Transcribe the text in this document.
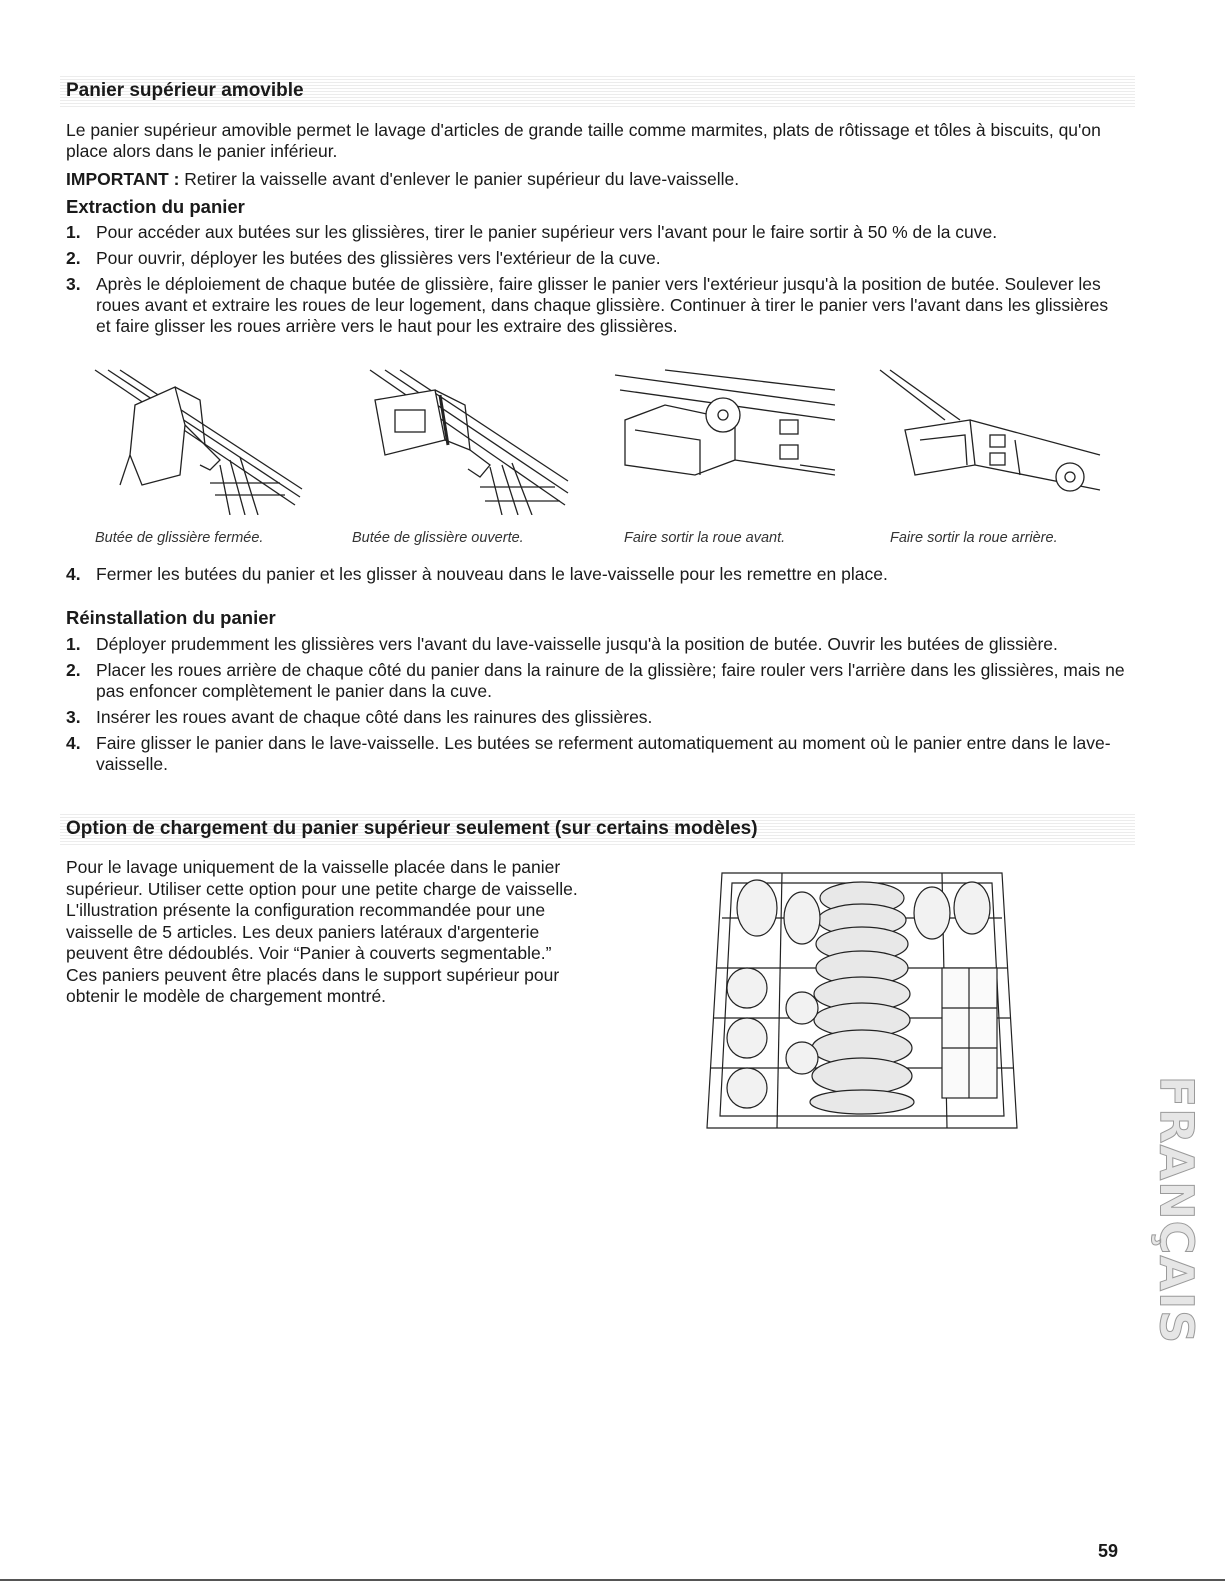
Panier supérieur amovible
Le panier supérieur amovible permet le lavage d'articles de grande taille comme marmites, plats de rôtissage et tôles à biscuits, qu'on place alors dans le panier inférieur.
IMPORTANT : Retirer la vaisselle avant d'enlever le panier supérieur du lave-vaisselle.
Extraction du panier
1. Pour accéder aux butées sur les glissières, tirer le panier supérieur vers l'avant pour le faire sortir à 50 % de la cuve.
2. Pour ouvrir, déployer les butées des glissières vers l'extérieur de la cuve.
3. Après le déploiement de chaque butée de glissière, faire glisser le panier vers l'extérieur jusqu'à la position de butée. Soulever les roues avant et extraire les roues de leur logement, dans chaque glissière. Continuer à tirer le panier vers l'avant dans les glissières et faire glisser les roues arrière vers le haut pour les extraire des glissières.
Butée de glissière fermée.	Butée de glissière ouverte.	Faire sortir la roue avant.	Faire sortir la roue arrière.
4. Fermer les butées du panier et les glisser à nouveau dans le lave-vaisselle pour les remettre en place.
Réinstallation du panier
1. Déployer prudemment les glissières vers l'avant du lave-vaisselle jusqu'à la position de butée. Ouvrir les butées de glissière.
2. Placer les roues arrière de chaque côté du panier dans la rainure de la glissière; faire rouler vers l'arrière dans les glissières, mais ne pas enfoncer complètement le panier dans la cuve.
3. Insérer les roues avant de chaque côté dans les rainures des glissières.
4. Faire glisser le panier dans le lave-vaisselle. Les butées se referment automatiquement au moment où le panier entre dans le lave-vaisselle.
Option de chargement du panier supérieur seulement (sur certains modèles)
Pour le lavage uniquement de la vaisselle placée dans le panier supérieur. Utiliser cette option pour une petite charge de vaisselle. L'illustration présente la configuration recommandée pour une vaisselle de 5 articles. Les deux paniers latéraux d'argenterie peuvent être dédoublés. Voir “Panier à couverts segmentable.” Ces paniers peuvent être placés dans le support supérieur pour obtenir le modèle de chargement montré.
FRANÇAIS
59
